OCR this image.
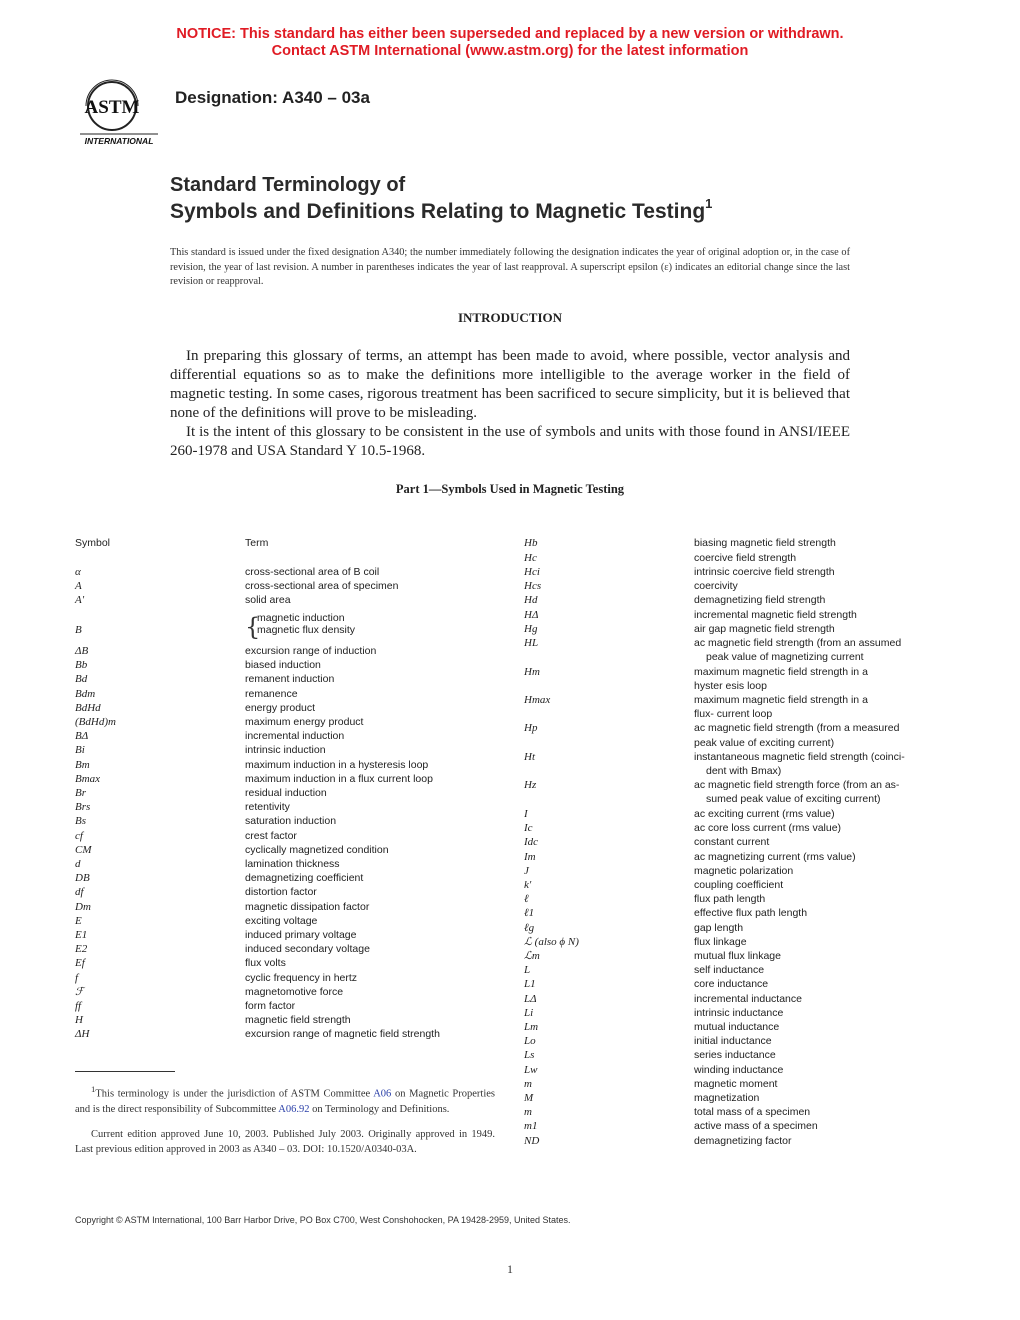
NOTICE: This standard has either been superseded and replaced by a new version or withdrawn.
Contact ASTM International (www.astm.org) for the latest information
ASTM
INTERNATIONAL
Designation: A340 – 03a
Standard Terminology of
Symbols and Definitions Relating to Magnetic Testing$^1$
This standard is issued under the fixed designation A340; the number immediately following the designation indicates the year of original adoption or, in the case of revision, the year of last revision. A number in parentheses indicates the year of last reapproval. A superscript epsilon (ε) indicates an editorial change since the last revision or reapproval.
INTRODUCTION
In preparing this glossary of terms, an attempt has been made to avoid, where possible, vector analysis and differential equations so as to make the definitions more intelligible to the average worker in the field of magnetic testing. In some cases, rigorous treatment has been sacrificed to secure simplicity, but it is believed that none of the definitions will prove to be misleading.
It is the intent of this glossary to be consistent in the use of symbols and units with those found in ANSI/IEEE 260-1978 and USA Standard Y 10.5-1968.
Part 1—Symbols Used in Magnetic Testing
Symbol	Term
α	cross-sectional area of B coil
A	cross-sectional area of specimen
A′	solid area
magnetic induction
B	magnetic flux density
ΔB	excursion range of induction
Bb	biased induction
Bd	remanent induction
Bdm	remanence
BdHd	energy product
(BdHd)m	maximum energy product
BΔ	incremental induction
Bi	intrinsic induction
Bm	maximum induction in a hysteresis loop
Bmax	maximum induction in a flux current loop
Br	residual induction
Brs	retentivity
Bs	saturation induction
cf	crest factor
CM	cyclically magnetized condition
d	lamination thickness
DB	demagnetizing coefficient
df	distortion factor
Dm	magnetic dissipation factor
E	exciting voltage
E1	induced primary voltage
E2	induced secondary voltage
Ef	flux volts
f	cyclic frequency in hertz
ℱ	magnetomotive force
ff	form factor
H	magnetic field strength
ΔH	excursion range of magnetic field strength
Hb	biasing magnetic field strength
Hc	coercive field strength
Hci	intrinsic coercive field strength
Hcs	coercivity
Hd	demagnetizing field strength
HΔ	incremental magnetic field strength
Hg	air gap magnetic field strength
HL	ac magnetic field strength (from an assumed
peak value of magnetizing current
Hm	maximum magnetic field strength in a
hyster esis loop
Hmax	maximum magnetic field strength in a
flux- current loop
Hp	ac magnetic field strength (from a measured
peak value of exciting current)
Ht	instantaneous magnetic field strength (coinci-
dent with Bmax)
Hz	ac magnetic field strength force (from an as-
sumed peak value of exciting current)
I	ac exciting current (rms value)
Ic	ac core loss current (rms value)
Idc	constant current
Im	ac magnetizing current (rms value)
J	magnetic polarization
k′	coupling coefficient
ℓ	flux path length
ℓ1	effective flux path length
ℓg	gap length
ℒ (also ϕ N)	flux linkage
ℒm	mutual flux linkage
L	self inductance
L1	core inductance
LΔ	incremental inductance
Li	intrinsic inductance
Lm	mutual inductance
Lo	initial inductance
Ls	series inductance
Lw	winding inductance
m	magnetic moment
M	magnetization
m	total mass of a specimen
m1	active mass of a specimen
ND	demagnetizing factor
{
$^1$This terminology is under the jurisdiction of ASTM Committee A06 on Magnetic Properties and is the direct responsibility of Subcommittee A06.92 on Terminology and Definitions.
Current edition approved June 10, 2003. Published July 2003. Originally approved in 1949. Last previous edition approved in 2003 as A340 – 03. DOI: 10.1520/A0340-03A.
Copyright © ASTM International, 100 Barr Harbor Drive, PO Box C700, West Conshohocken, PA 19428-2959, United States.
1
